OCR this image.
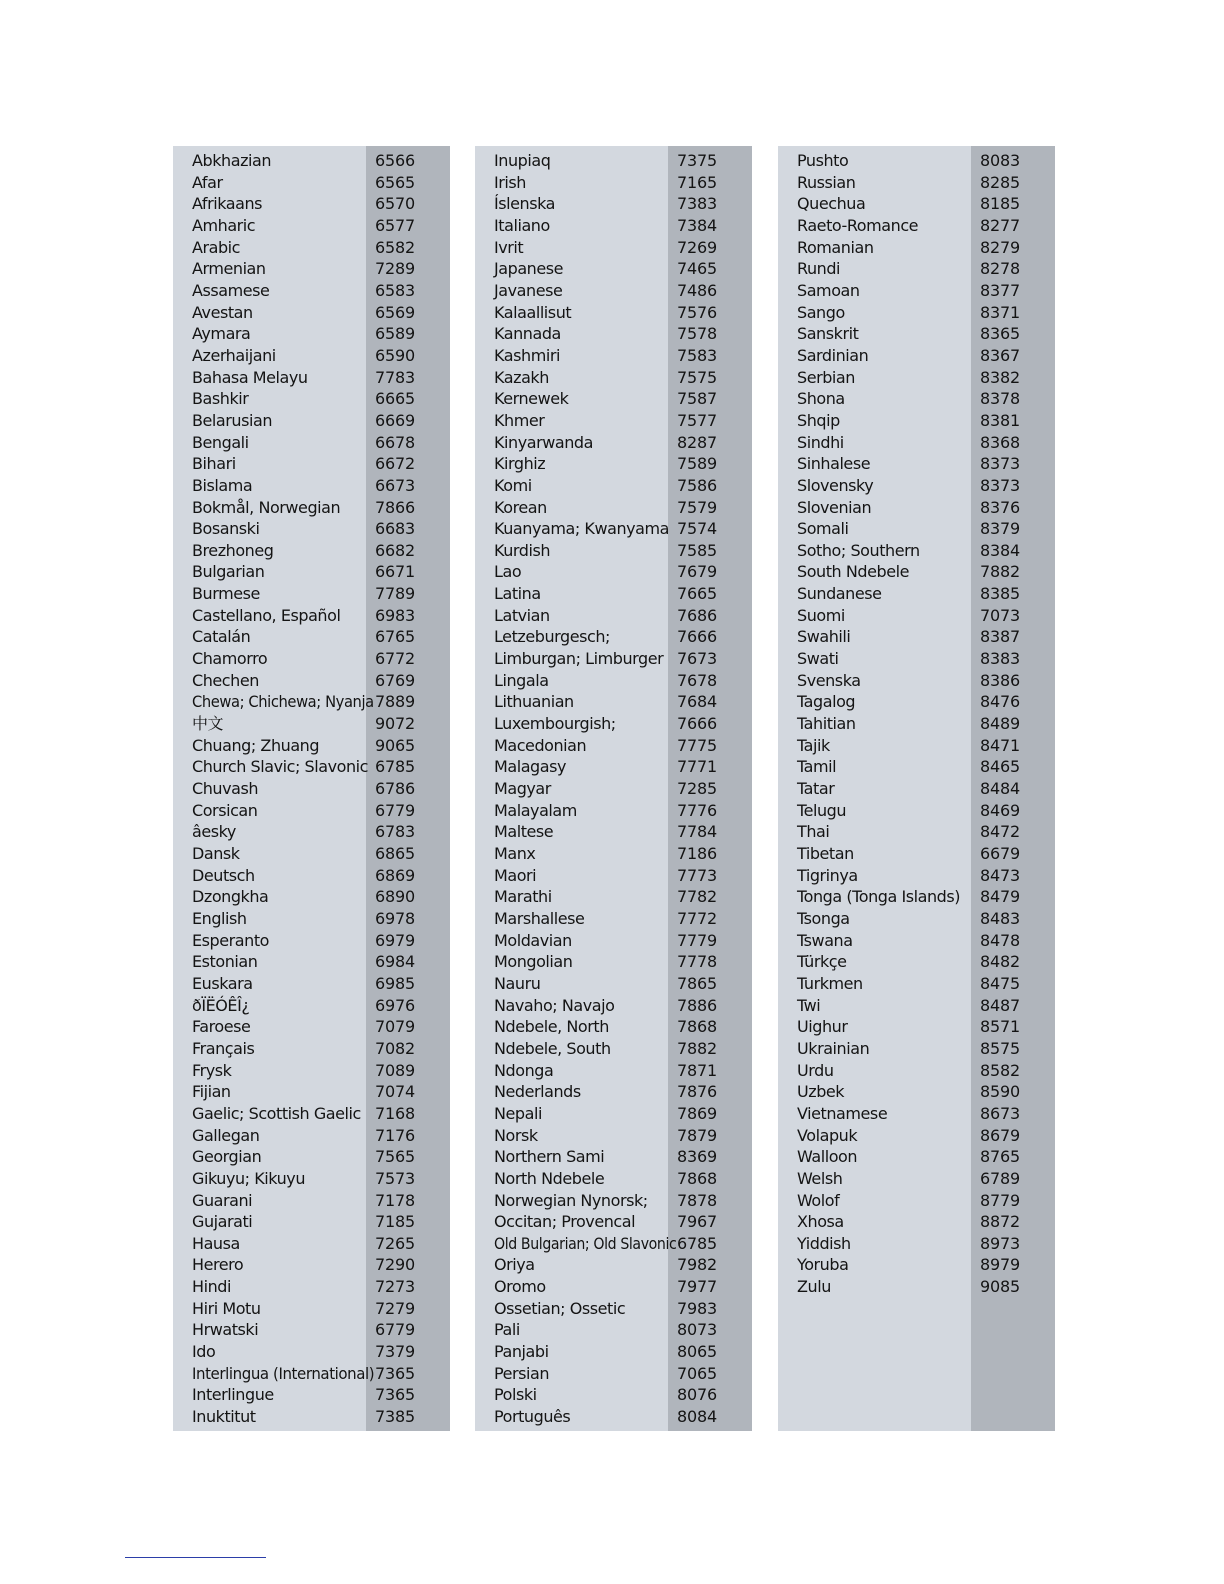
Abkhazian	6566
Afar	6565
Afrikaans	6570
Amharic	6577
Arabic	6582
Armenian	7289
Assamese	6583
Avestan	6569
Aymara	6589
Azerhaijani	6590
Bahasa Melayu	7783
Bashkir	6665
Belarusian	6669
Bengali	6678
Bihari	6672
Bislama	6673
Bokmål, Norwegian 7866
Bosanski	6683
Brezhoneg	6682
Bulgarian	6671
Burmese	7789
Castellano, Español 6983
Catalán	6765
Chamorro	6772
Chechen	6769
Chewa; Chichewa; Nyanja 7889
中文	9072
Chuang; Zhuang	9065
Church Slavic; Slavonic 6785
Chuvash	6786
Corsican	6779
âesky	6783
Dansk	6865
Deutsch	6869
Dzongkha	6890
English	6978
Esperanto	6979
Estonian	6984
Euskara	6985
ðÏËÓÊÎ¿	6976
Faroese	7079
Français	7082
Frysk	7089
Fijian	7074
Gaelic; Scottish Gaelic 7168
Gallegan	7176
Georgian	7565
Gikuyu; Kikuyu	7573
Guarani	7178
Gujarati	7185
Hausa	7265
Herero	7290
Hindi	7273
Hiri Motu	7279
Hrwatski	6779
Ido	7379
Interlingua (International) 7365
Interlingue	7365
Inuktitut	7385
Inupiaq	7375
Irish	7165
Íslenska	7383
Italiano	7384
Ivrit	7269
Japanese	7465
Javanese	7486
Kalaallisut	7576
Kannada	7578
Kashmiri	7583
Kazakh	7575
Kernewek	7587
Khmer	7577
Kinyarwanda	8287
Kirghiz	7589
Komi	7586
Korean	7579
Kuanyama; Kwanyama 7574
Kurdish	7585
Lao	7679
Latina	7665
Latvian	7686
Letzeburgesch;	7666
Limburgan; Limburger 7673
Lingala	7678
Lithuanian	7684
Luxembourgish;	7666
Macedonian	7775
Malagasy	7771
Magyar	7285
Malayalam	7776
Maltese	7784
Manx	7186
Maori	7773
Marathi	7782
Marshallese	7772
Moldavian	7779
Mongolian	7778
Nauru	7865
Navaho; Navajo	7886
Ndebele, North	7868
Ndebele, South	7882
Ndonga	7871
Nederlands	7876
Nepali	7869
Norsk	7879
Northern Sami	8369
North Ndebele	7868
Norwegian Nynorsk; 7878
Occitan; Provencal	7967
Old Bulgarian; Old Slavonic 6785
Oriya	7982
Oromo	7977
Ossetian; Ossetic	7983
Pali	8073
Panjabi	8065
Persian	7065
Polski	8076
Português	8084
Pushto	8083
Russian	8285
Quechua	8185
Raeto-Romance	8277
Romanian	8279
Rundi	8278
Samoan	8377
Sango	8371
Sanskrit	8365
Sardinian	8367
Serbian	8382
Shona	8378
Shqip	8381
Sindhi	8368
Sinhalese	8373
Slovensky	8373
Slovenian	8376
Somali	8379
Sotho; Southern	8384
South Ndebele	7882
Sundanese	8385
Suomi	7073
Swahili	8387
Swati	8383
Svenska	8386
Tagalog	8476
Tahitian	8489
Tajik	8471
Tamil	8465
Tatar	8484
Telugu	8469
Thai	8472
Tibetan	6679
Tigrinya	8473
Tonga (Tonga Islands) 8479
Tsonga	8483
Tswana	8478
Türkçe	8482
Turkmen	8475
Twi	8487
Uighur	8571
Ukrainian	8575
Urdu	8582
Uzbek	8590
Vietnamese	8673
Volapuk	8679
Walloon	8765
Welsh	6789
Wolof	8779
Xhosa	8872
Yiddish	8973
Yoruba	8979
Zulu	9085
